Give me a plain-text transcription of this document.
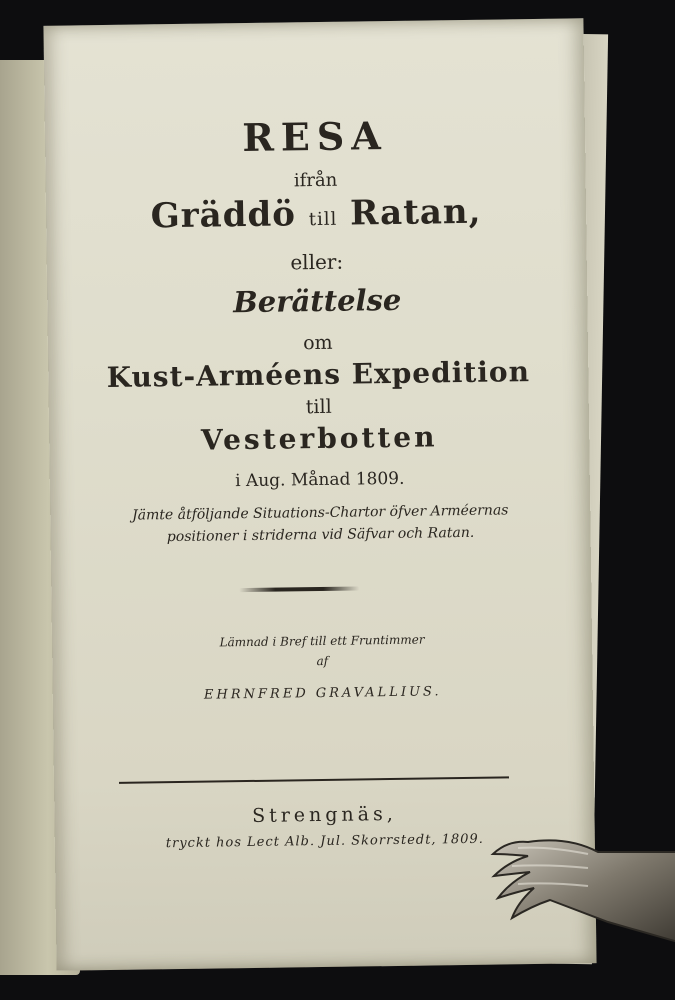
RESA
ifrån
Gräddö till Ratan,
eller:
Berättelse
om
Kust-Arméens Expedition
till
Vesterbotten
i Aug. Månad 1809.
Jämte åtföljande Situations-Chartor öfver Arméernas
positioner i striderna vid Säfvar och Ratan.
Lämnad i Bref till ett Fruntimmer
af
EHRNFRED GRAVALLIUS.
Strengnäs,
tryckt hos Lect Alb. Jul. Skorrstedt, 1809.
